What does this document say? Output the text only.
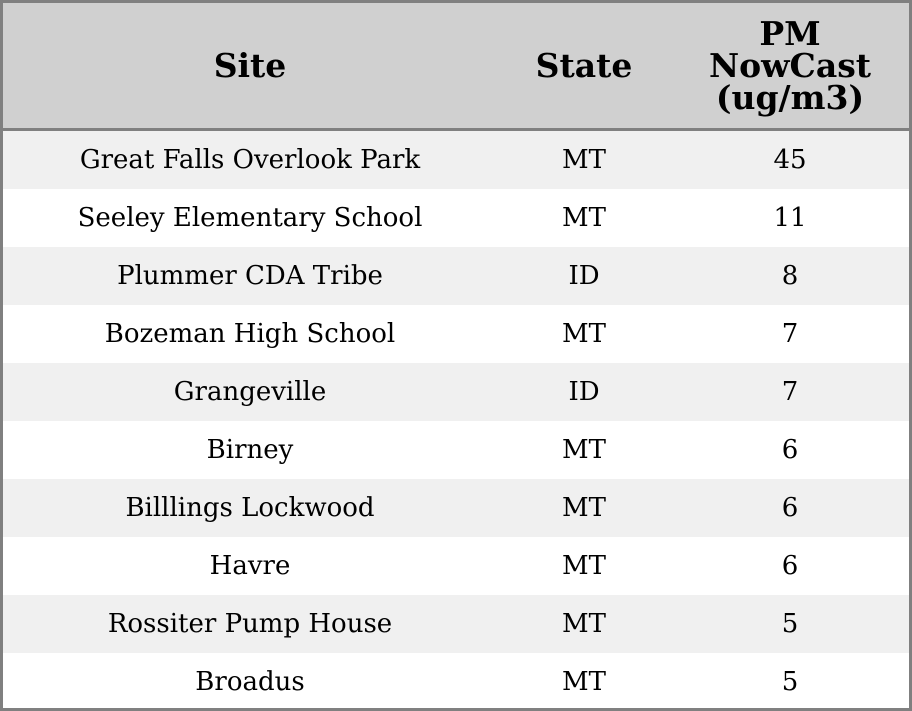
Site	State	PM
NowCast
(ug/m3)

Great Falls Overlook Park	MT	45
Seeley Elementary School	MT	11
Plummer CDA Tribe	ID	8
Bozeman High School	MT	7
Grangeville	ID	7
Birney	MT	6
Billlings Lockwood	MT	6
Havre	MT	6
Rossiter Pump House	MT	5
Broadus	MT	5
